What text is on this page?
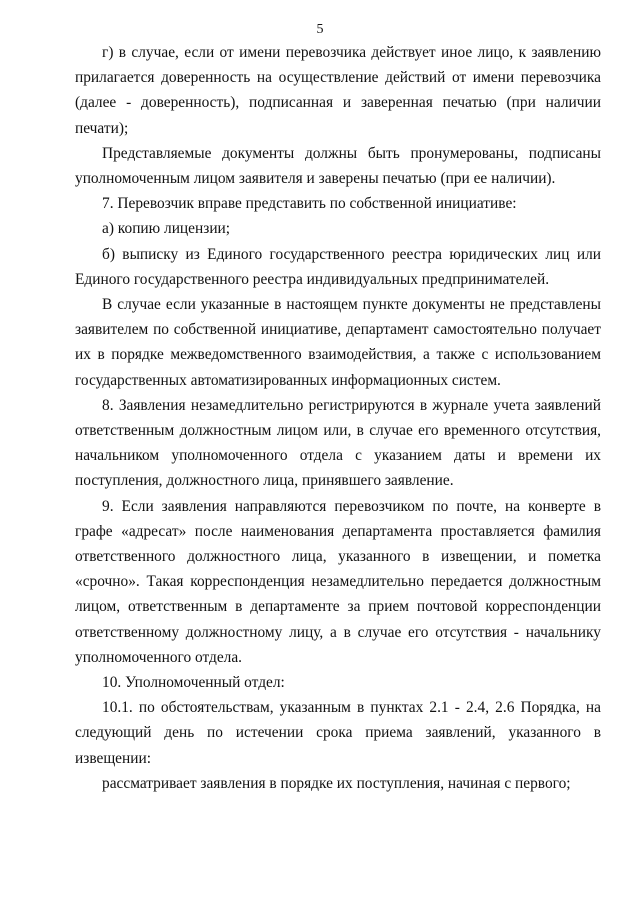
5

г) в случае, если от имени перевозчика действует иное лицо, к заявлению прилагается доверенность на осуществление действий от имени перевозчика (далее - доверенность), подписанная и заверенная печатью (при наличии печати);

Представляемые документы должны быть пронумерованы, подписаны уполномоченным лицом заявителя и заверены печатью (при ее наличии).

7. Перевозчик вправе представить по собственной инициативе:

а) копию лицензии;

б) выписку из Единого государственного реестра юридических лиц или Единого государственного реестра индивидуальных предпринимателей.

В случае если указанные в настоящем пункте документы не представлены заявителем по собственной инициативе, департамент самостоятельно получает их в порядке межведомственного взаимодействия, а также с использованием государственных автоматизированных информационных систем.

8. Заявления незамедлительно регистрируются в журнале учета заявлений ответственным должностным лицом или, в случае его временного отсутствия, начальником уполномоченного отдела с указанием даты и времени их поступления, должностного лица, принявшего заявление.

9. Если заявления направляются перевозчиком по почте, на конверте в графе «адресат» после наименования департамента проставляется фамилия ответственного должностного лица, указанного в извещении, и пометка «срочно». Такая корреспонденция незамедлительно передается должностным лицом, ответственным в департаменте за прием почтовой корреспонденции ответственному должностному лицу, а в случае его отсутствия - начальнику уполномоченного отдела.

10. Уполномоченный отдел:

10.1. по обстоятельствам, указанным в пунктах 2.1 - 2.4, 2.6 Порядка, на следующий день по истечении срока приема заявлений, указанного в извещении:

рассматривает заявления в порядке их поступления, начиная с первого;
